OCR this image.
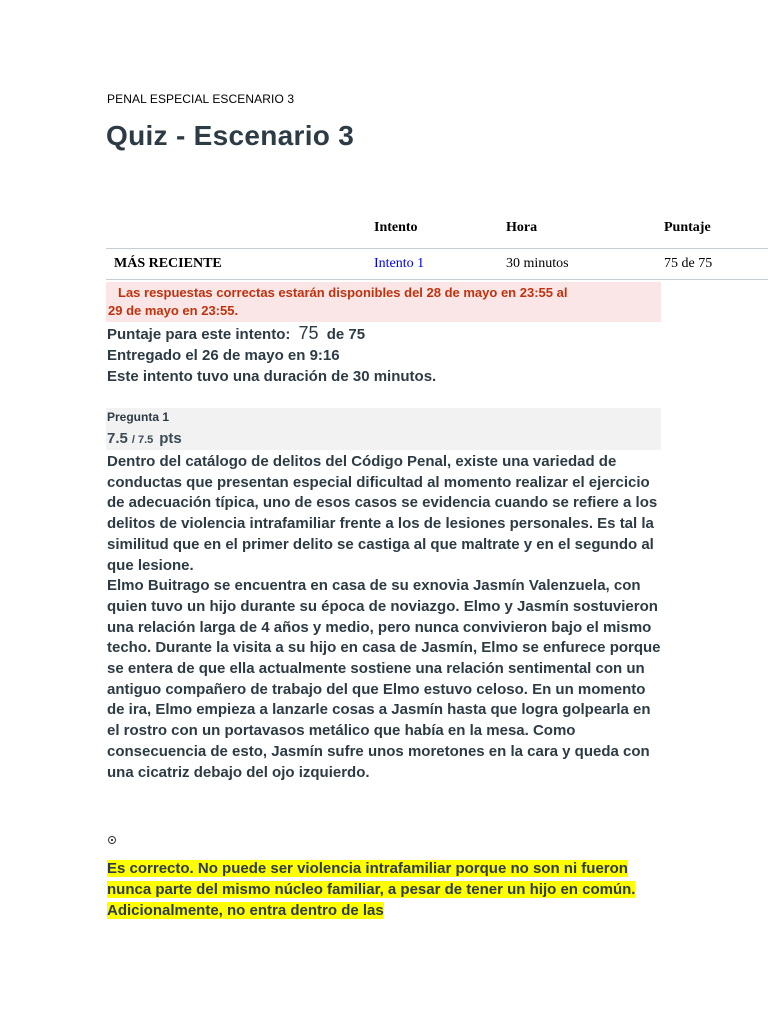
PENAL ESPECIAL ESCENARIO 3
Quiz - Escenario 3
	Intento	Hora	Puntaje
MÁS RECIENTE	Intento 1	30 minutos	75 de 75
Las respuestas correctas estarán disponibles del 28 de mayo en 23:55 al
29 de mayo en 23:55.
Puntaje para este intento: 75 de 75
Entregado el 26 de mayo en 9:16
Este intento tuvo una duración de 30 minutos.
Pregunta 1
7.5 / 7.5 pts

Dentro del catálogo de delitos del Código Penal, existe una variedad de conductas que presentan especial dificultad al momento realizar el ejercicio de adecuación típica, uno de esos casos se evidencia cuando se refiere a los delitos de violencia intrafamiliar frente a los de lesiones personales. Es tal la similitud que en el primer delito se castiga al que maltrate y en el segundo al que lesione.

Elmo Buitrago se encuentra en casa de su exnovia Jasmín Valenzuela, con quien tuvo un hijo durante su época de noviazgo. Elmo y Jasmín sostuvieron una relación larga de 4 años y medio, pero nunca convivieron bajo el mismo techo. Durante la visita a su hijo en casa de Jasmín, Elmo se enfurece porque se entera de que ella actualmente sostiene una relación sentimental con un antiguo compañero de trabajo del que Elmo estuvo celoso. En un momento de ira, Elmo empieza a lanzarle cosas a Jasmín hasta que logra golpearla en el rostro con un portavasos metálico que había en la mesa. Como consecuencia de esto, Jasmín sufre unos moretones en la cara y queda con una cicatriz debajo del ojo izquierdo.

Es correcto. No puede ser violencia intrafamiliar porque no son ni fueron nunca parte del mismo núcleo familiar, a pesar de tener un hijo en común. Adicionalmente, no entra dentro de las
